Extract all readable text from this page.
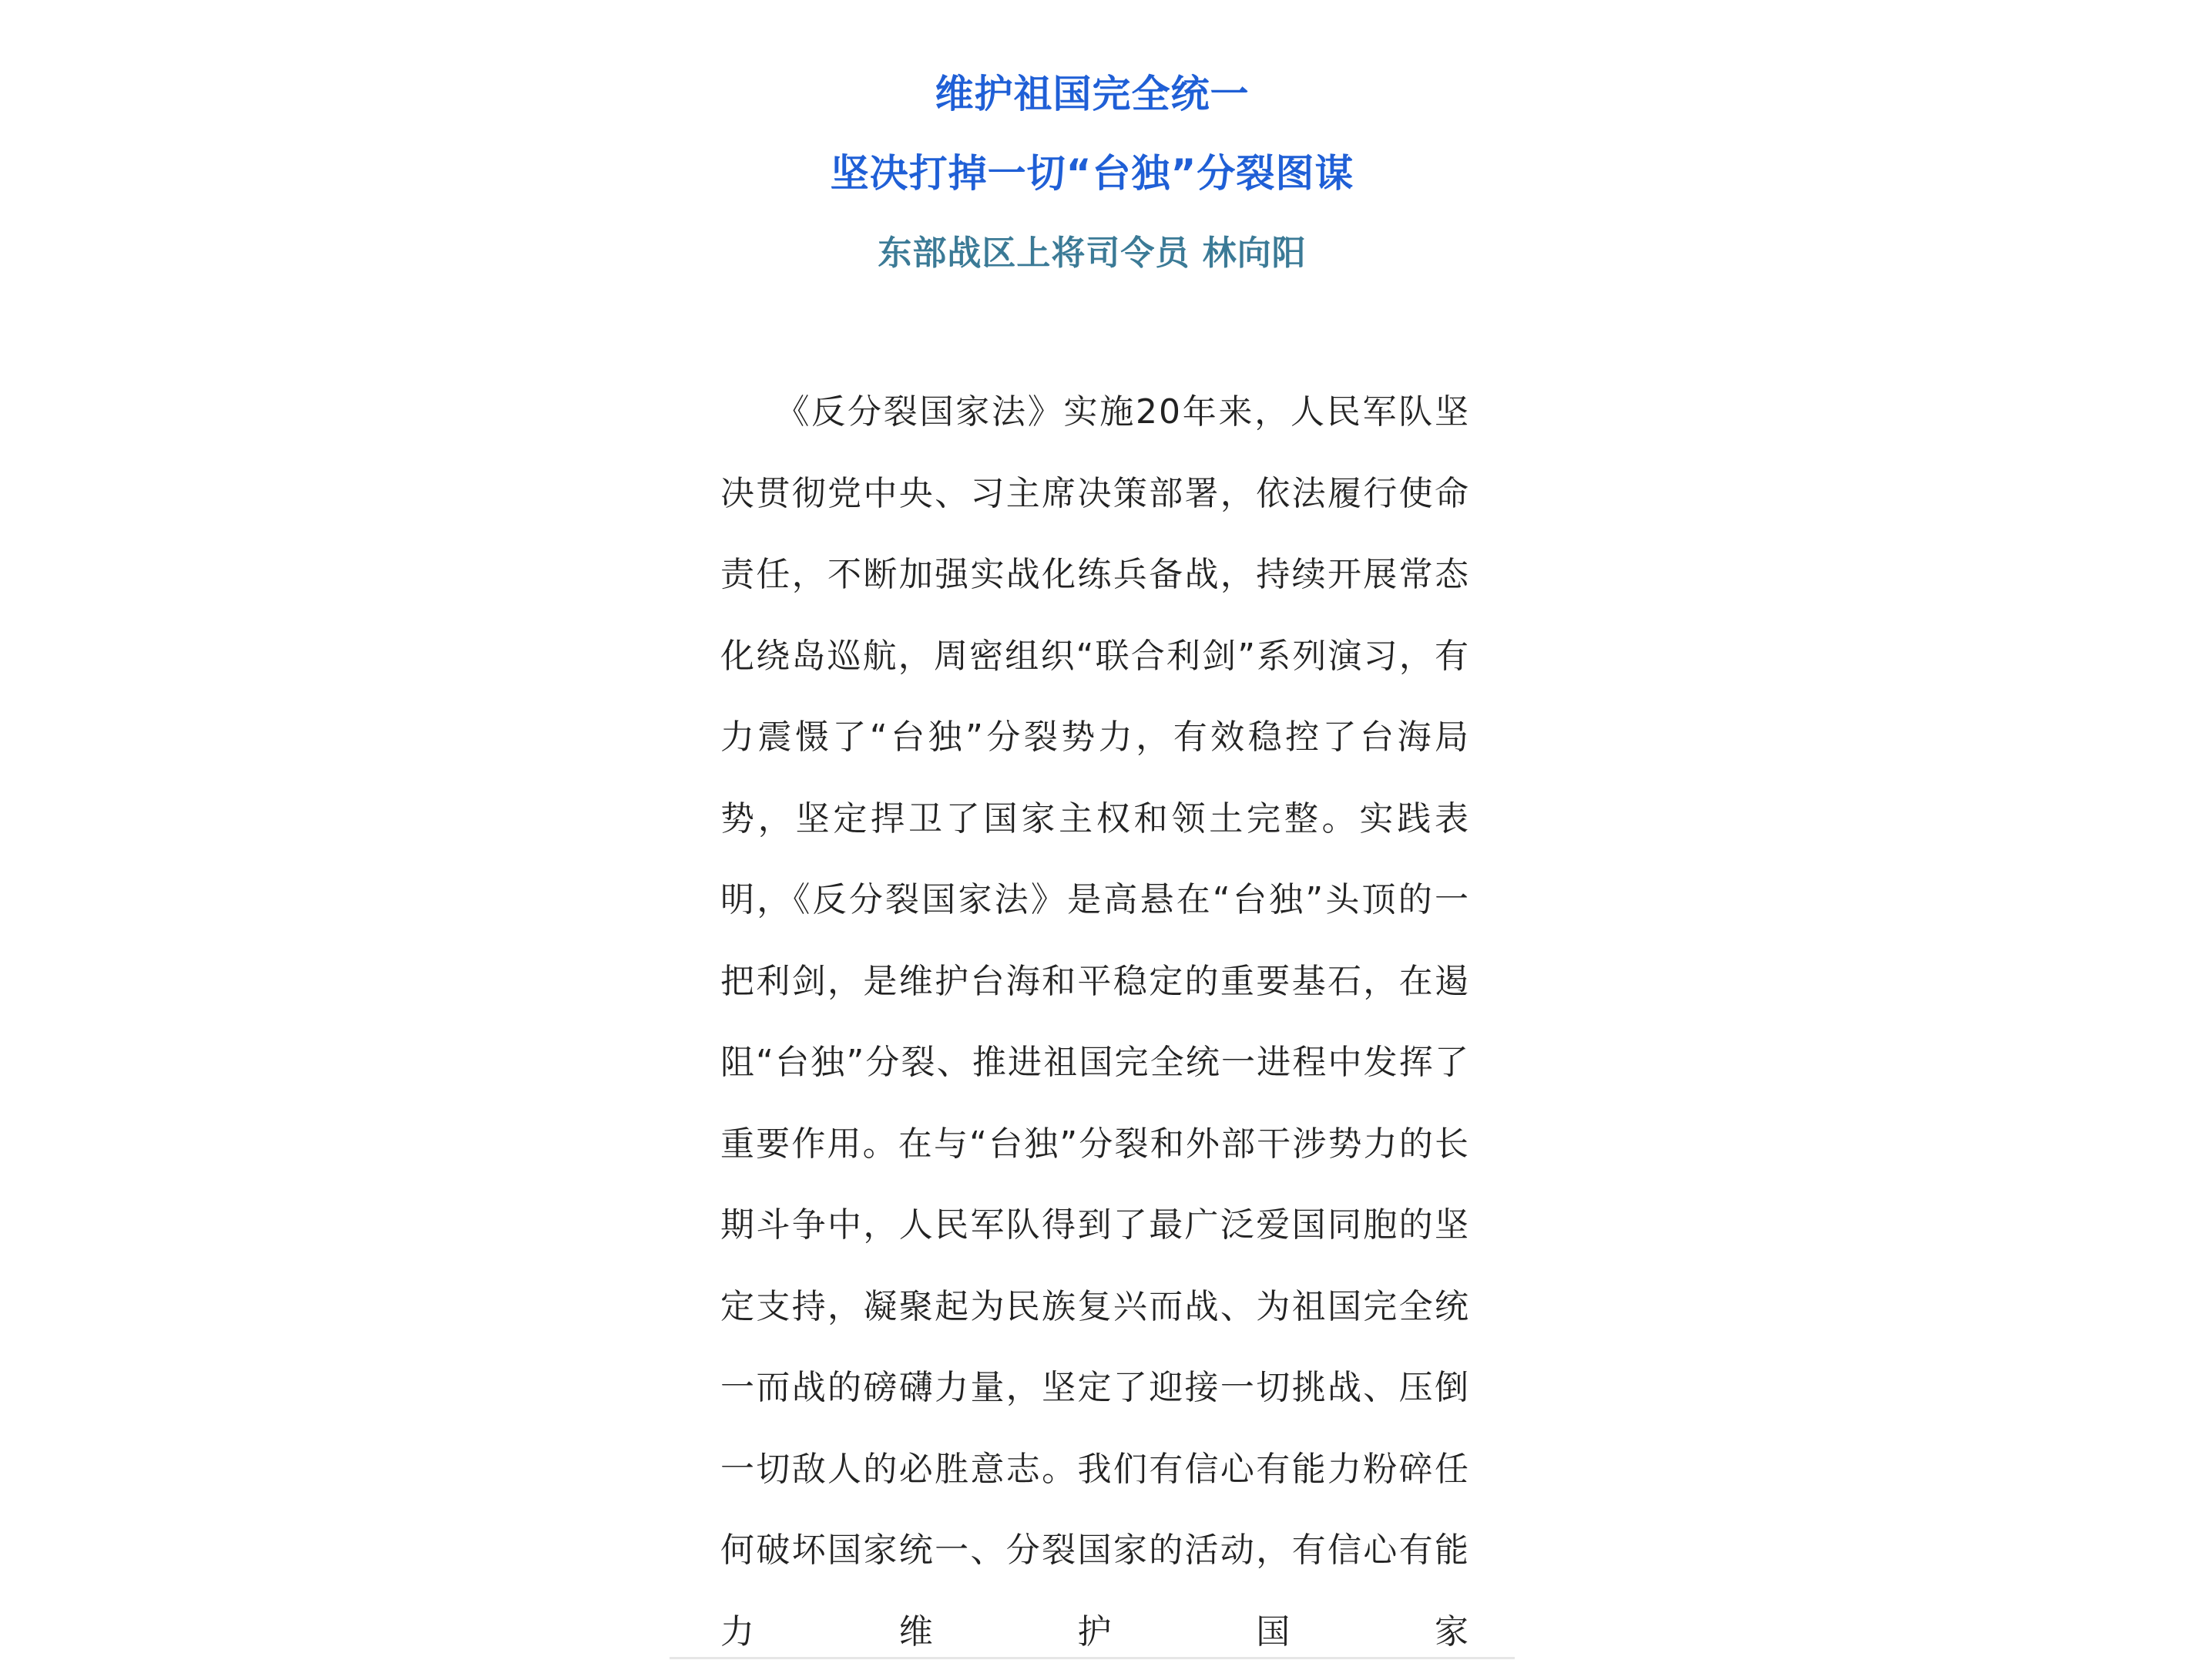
维护祖国完全统一
坚决打掉一切“台独”分裂图谋
东部战区上将司令员 林向阳

　　《反分裂国家法》实施20年来，人民军队坚决贯彻党中央、习主席决策部署，依法履行使命责任，不断加强实战化练兵备战，持续开展常态化绕岛巡航，周密组织“联合利剑”系列演习，有力震慑了“台独”分裂势力，有效稳控了台海局势，坚定捍卫了国家主权和领土完整。实践表明，《反分裂国家法》是高悬在“台独”头顶的一把利剑，是维护台海和平稳定的重要基石，在遏阻“台独”分裂、推进祖国完全统一进程中发挥了重要作用。在与“台独”分裂和外部干涉势力的长期斗争中，人民军队得到了最广泛爱国同胞的坚定支持，凝聚起为民族复兴而战、为祖国完全统一而战的磅礴力量，坚定了迎接一切挑战、压倒一切敌人的必胜意志。我们有信心有能力粉碎任何破坏国家统一、分裂国家的活动，有信心有能力维护国家
